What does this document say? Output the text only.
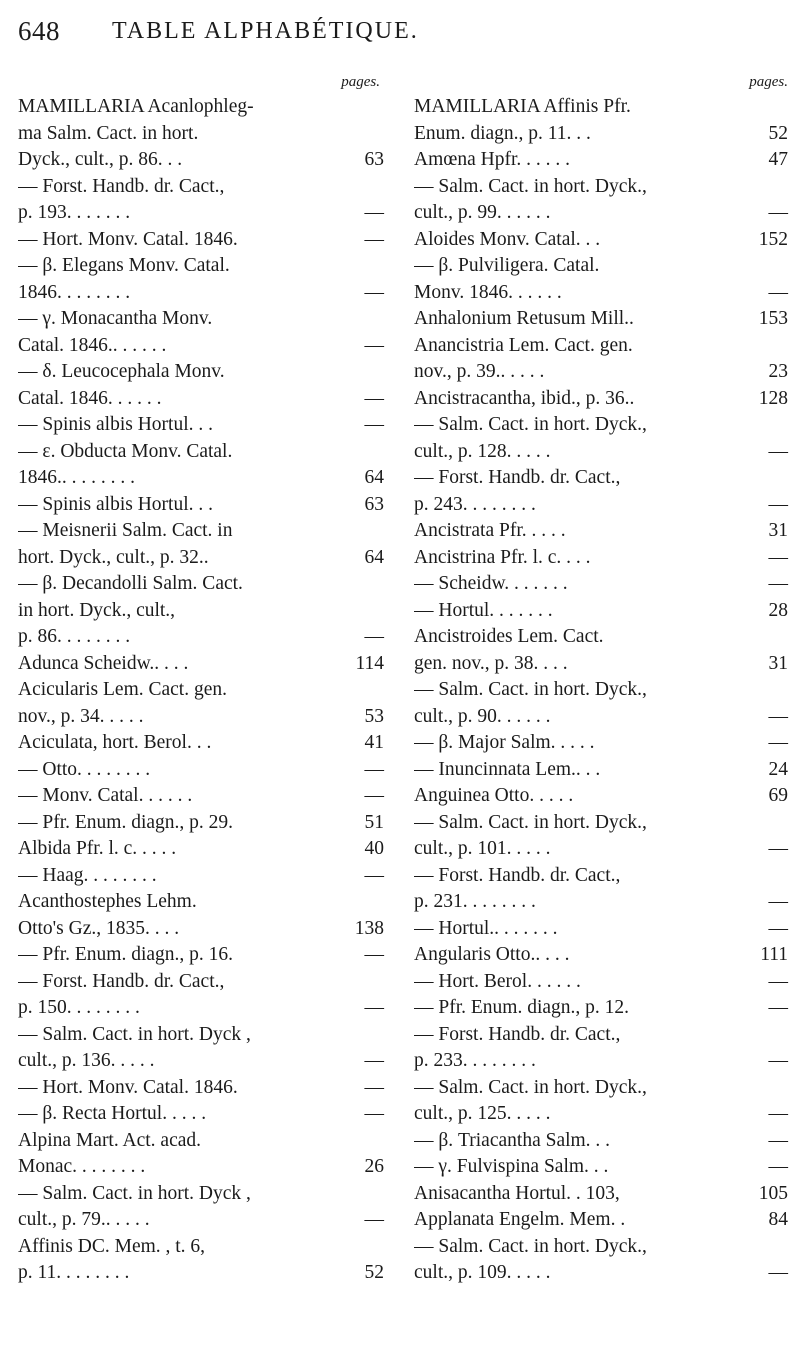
648 TABLE ALPHABÉTIQUE.
pages.
MAMILLARIA Acanlophleg-
ma Salm. Cact. in hort.
Dyck., cult., p. 86. . .	63
— Forst. Handb. dr. Cact.,
p. 193. . . . . . .	—
— Hort. Monv. Catal. 1846.	—
— β. Elegans Monv. Catal.
1846. . . . . . . .	—
— γ. Monacantha Monv.
Catal. 1846.. . . . . .	—
— δ. Leucocephala Monv.
Catal. 1846. . . . . .	—
— Spinis albis Hortul. . .	—
— ε. Obducta Monv. Catal.
1846.. . . . . . . .	64
— Spinis albis Hortul. . .	63
— Meisnerii Salm. Cact. in
hort. Dyck., cult., p. 32..	64
— β. Decandolli Salm. Cact.
in hort. Dyck., cult.,
p. 86. . . . . . . .	—
Adunca Scheidw.. . . .	114
Acicularis Lem. Cact. gen.
nov., p. 34. . . . .	53
Aciculata, hort. Berol. . .	41
— Otto. . . . . . . .	—
— Monv. Catal. . . . . .	—
— Pfr. Enum. diagn., p. 29.	51
Albida Pfr. l. c. . . . .	40
— Haag. . . . . . . .	—
Acanthostephes Lehm.
Otto's Gz., 1835. . . .	138
— Pfr. Enum. diagn., p. 16.	—
— Forst. Handb. dr. Cact.,
p. 150. . . . . . . .	—
— Salm. Cact. in hort. Dyck ,
cult., p. 136. . . . .	—
— Hort. Monv. Catal. 1846.	—
— β. Recta Hortul. . . . .	—
Alpina Mart. Act. acad.
Monac. . . . . . . .	26
— Salm. Cact. in hort. Dyck ,
cult., p. 79.. . . . .	—
Affinis DC. Mem. , t. 6,
p. 11. . . . . . . .	52
pages.
MAMILLARIA Affinis Pfr.
Enum. diagn., p. 11. . .	52
Amœna Hpfr. . . . . .	47
— Salm. Cact. in hort. Dyck.,
cult., p. 99. . . . . .	—
Aloides Monv. Catal. . .	152
— β. Pulviligera. Catal.
Monv. 1846. . . . . .	—
Anhalonium Retusum Mill..	153
Anancistria Lem. Cact. gen.
nov., p. 39.. . . . .	23
Ancistracantha, ibid., p. 36..	128
— Salm. Cact. in hort. Dyck.,
cult., p. 128. . . . .	—
— Forst. Handb. dr. Cact.,
p. 243. . . . . . . .	—
Ancistrata Pfr. . . . .	31
Ancistrina Pfr. l. c. . . .	—
— Scheidw. . . . . . .	—
— Hortul. . . . . . .	28
Ancistroides Lem. Cact.
gen. nov., p. 38. . . .	31
— Salm. Cact. in hort. Dyck.,
cult., p. 90. . . . . .	—
— β. Major Salm. . . . .	—
— Inuncinnata Lem.. . .	24
Anguinea Otto. . . . .	69
— Salm. Cact. in hort. Dyck.,
cult., p. 101. . . . .	—
— Forst. Handb. dr. Cact.,
p. 231. . . . . . . .	—
— Hortul.. . . . . . .	—
Angularis Otto.. . . .	111
— Hort. Berol. . . . . .	—
— Pfr. Enum. diagn., p. 12.	—
— Forst. Handb. dr. Cact.,
p. 233. . . . . . . .	—
— Salm. Cact. in hort. Dyck.,
cult., p. 125. . . . .	—
— β. Triacantha Salm. . .	—
— γ. Fulvispina Salm. . .	—
Anisacantha Hortul. . 103,	105
Applanata Engelm. Mem. .	84
— Salm. Cact. in hort. Dyck.,
cult., p. 109. . . . .	—
